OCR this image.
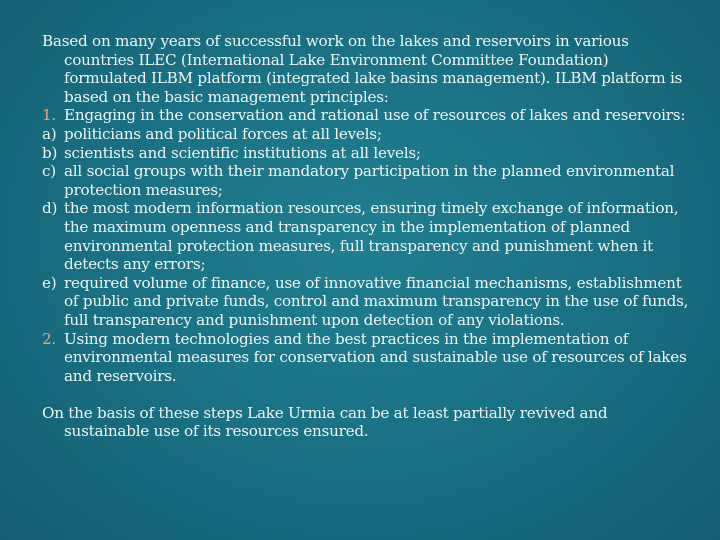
Based on many years of successful work on the lakes and reservoirs in various countries ILEC (International Lake Environment Committee Foundation) formulated ILBM platform (integrated lake basins management). ILBM platform is based on the basic management principles:

1. Engaging in the conservation and rational use of resources of lakes and reservoirs:
a) politicians and political forces at all levels;
b) scientists and scientific institutions at all levels;
c) all social groups with their mandatory participation in the planned environmental protection measures;
d) the most modern information resources, ensuring timely exchange of information, the maximum openness and transparency in the implementation of planned environmental protection measures, full transparency and punishment when it detects any errors;
e) required volume of finance, use of innovative financial mechanisms, establishment of public and private funds, control and maximum transparency in the use of funds, full transparency and punishment upon detection of any violations.
2. Using modern technologies and the best practices in the implementation of environmental measures for conservation and sustainable use of resources of lakes and reservoirs.

On the basis of these steps Lake Urmia can be at least partially revived and sustainable use of its resources ensured.
